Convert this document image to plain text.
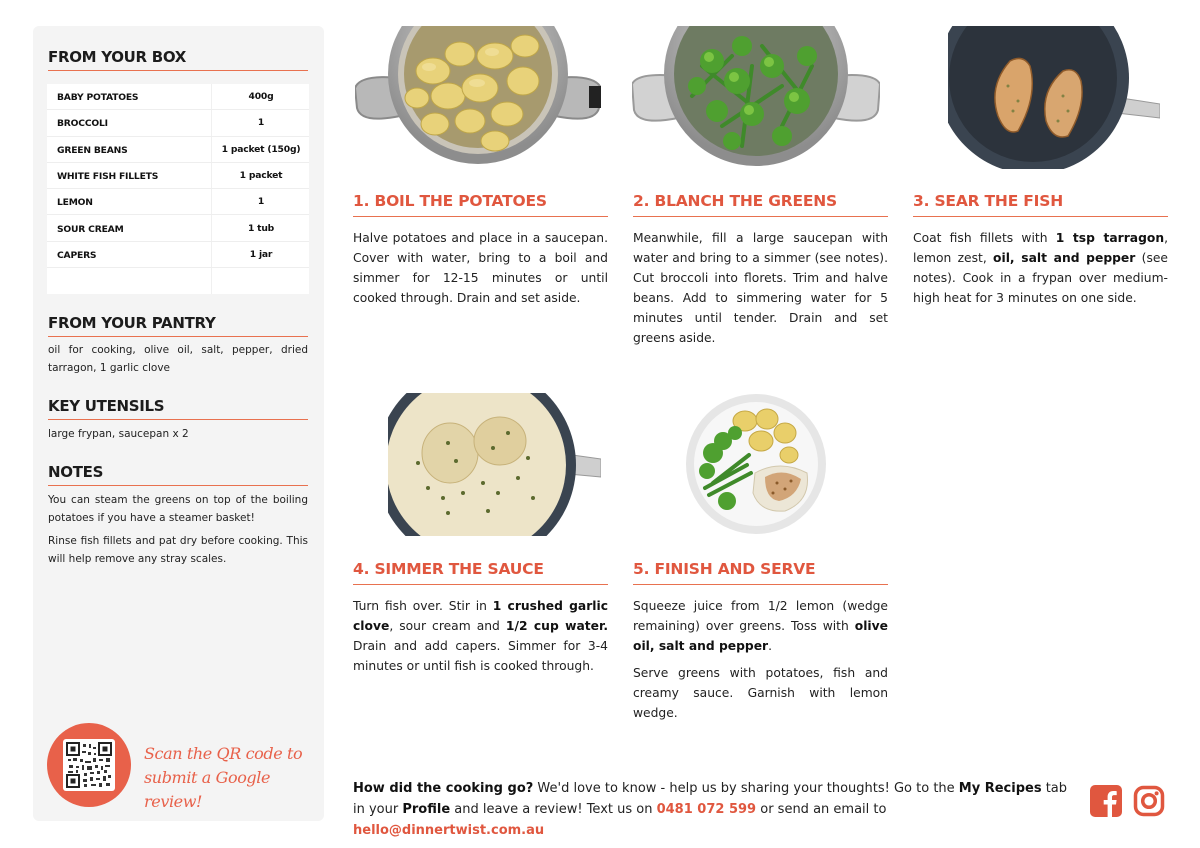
FROM YOUR BOX
BABY POTATOES	400g
BROCCOLI	1
GREEN BEANS	1 packet (150g)
WHITE FISH FILLETS	1 packet
LEMON	1
SOUR CREAM	1 tub
CAPERS	1 jar
FROM YOUR PANTRY
oil for cooking, olive oil, salt, pepper, dried tarragon, 1 garlic clove
KEY UTENSILS
large frypan, saucepan x 2
NOTES
You can steam the greens on top of the boiling potatoes if you have a steamer basket!
Rinse fish fillets and pat dry before cooking. This will help remove any stray scales.
Scan the QR code to
submit a Google review!
1. BOIL THE POTATOES

Halve potatoes and place in a saucepan. Cover with water, bring to a boil and simmer for 12-15 minutes or until cooked through. Drain and set aside.

2. BLANCH THE GREENS

Meanwhile, fill a large saucepan with water and bring to a simmer (see notes). Cut broccoli into florets. Trim and halve beans. Add to simmering water for 5 minutes until tender. Drain and set greens aside.

3. SEAR THE FISH

Coat fish fillets with 1 tsp tarragon, lemon zest, oil, salt and pepper (see notes). Cook in a frypan over medium-high heat for 3 minutes on one side.

4. SIMMER THE SAUCE

Turn fish over. Stir in 1 crushed garlic clove, sour cream and 1/2 cup water. Drain and add capers. Simmer for 3-4 minutes or until fish is cooked through.

5. FINISH AND SERVE

Squeeze juice from 1/2 lemon (wedge remaining) over greens. Toss with olive oil, salt and pepper.

Serve greens with potatoes, fish and creamy sauce. Garnish with lemon wedge.

How did the cooking go? We'd love to know - help us by sharing your thoughts! Go to the My Recipes tab in your Profile and leave a review! Text us on 0481 072 599 or send an email to hello@dinnertwist.com.au
